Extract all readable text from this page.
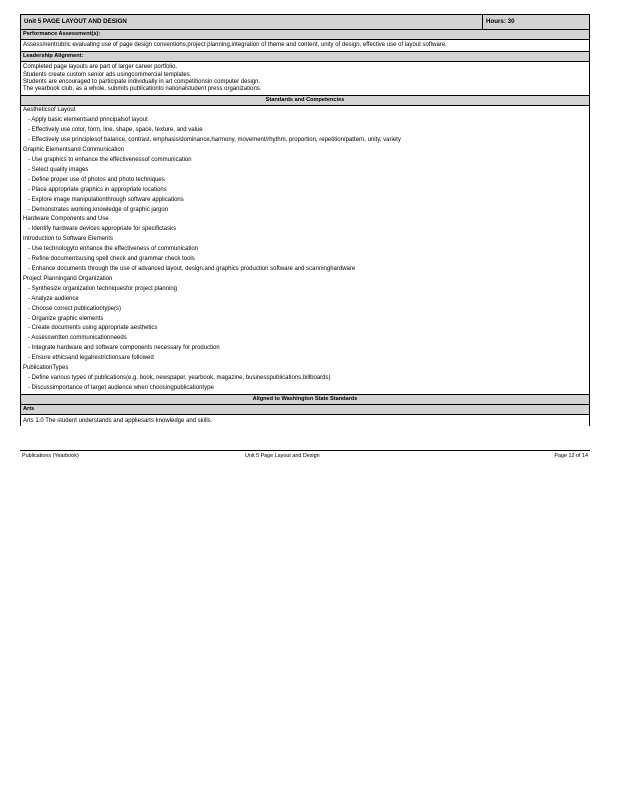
Unit 5 PAGE LAYOUT AND DESIGN	Hours: 30
Performance Assessment(s):
Assessmentrubric evaluating use of page design conventions,project planning,integration of theme and content, unity of design, effective use of layout software.
Leadership Alignment:
Completed page layouts are part of larger career portfolio.
Students create custom senior ads usingcommercial templates.
Students are encouraged to participate individually in art competitionsin computer design.
The yearbook club, as a whole, submits publicationto nationalstudent press organizations.
Standards and Competencies
Aestheticsof Layout
- Apply basic elementsand principalsof layout
- Effectively use color, form, line, shape, space, texture, and value
- Effectively use principlesof balance, contrast, emphasis/dominance,harmony, movement/rhythm, proportion, repetition/pattern, unity, variety
Graphic Elementsand Communication
- Use graphics to enhance the effectivenessof communication
- Select quality images
- Define proper use of photos and photo techniques
- Place appropriate graphics in appropriate locations
- Explore image manipulationthrough software applications
- Demonstrates working knowledge of graphic jargon
Hardware Components and Use
- Identify hardware devices appropriate for specifictasks
Introduction to Software Elements
- Use technologyto enhance the effectiveness of communication
- Refine documentsusing spell check and grammar check tools
- Enhance documents through the use of advanced layout, design,and graphics production software and scanninghardware
Project Planningand Organization
- Synthesize organization techniquesfor project planning
- Analyze audience
- Choose correct publicationtype(s)
- Organize graphic elements
- Create documents using appropriate aesthetics
- Assesswritten communicationneeds
- Integrate hardware and software components necessary for production
- Ensure ethicsand legalrestrictionsare followed
PublicationTypes
- Define various types of publications(e.g. book, newspaper, yearbook, magazine, businesspublications,billboards)
- Discussimportance of target audience when choosingpublicationtype
Aligned to Washington State Standards
Arts
Arts 1.0 The student understands and appliesarts knowledge and skills.
Publications (Yearbook)	Unit 5 Page Layout and Design	Page 12 of 14
